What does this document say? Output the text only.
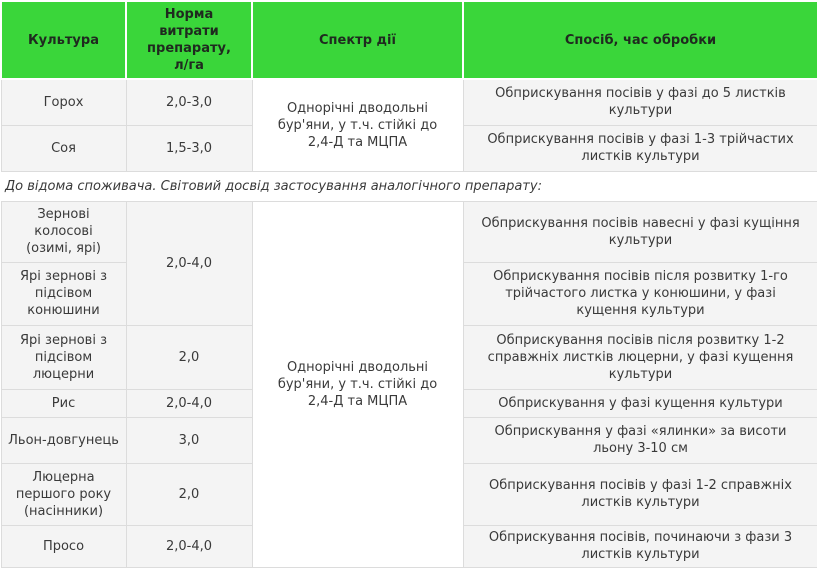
Культура	Норма витрати препарату, л/га	Спектр дії	Спосіб, час обробки
Горох	2,0-3,0	Однорічні дводольні бур'яни, у т.ч. стійкі до 2,4-Д та МЦПА	Обприскування посівів у фазі до 5 листків культури
Соя	1,5-3,0		Обприскування посівів у фазі 1-3 трійчастих листків культури
До відома споживача. Світовий досвід застосування аналогічного препарату:			
Зернові колосові (озимі, ярі)	2,0-4,0	Однорічні дводольні бур'яни, у т.ч. стійкі до 2,4-Д та МЦПА	Обприскування посівів навесні у фазі кущіння культури
Ярі зернові з підсівом конюшини			Обприскування посівів після розвитку 1-го трійчастого листка у конюшини, у фазі кущення культури
Ярі зернові з підсівом люцерни	2,0		Обприскування посівів після розвитку 1-2 справжніх листків люцерни, у фазі кущення культури
Рис	2,0-4,0		Обприскування у фазі кущення культури
Льон-довгунець	3,0		Обприскування у фазі «ялинки» за висоти льону 3-10 см
Люцерна першого року (насінники)	2,0		Обприскування посівів у фазі 1-2 справжніх листків культури
Просо	2,0-4,0		Обприскування посівів, починаючи з фази 3 листків культури
